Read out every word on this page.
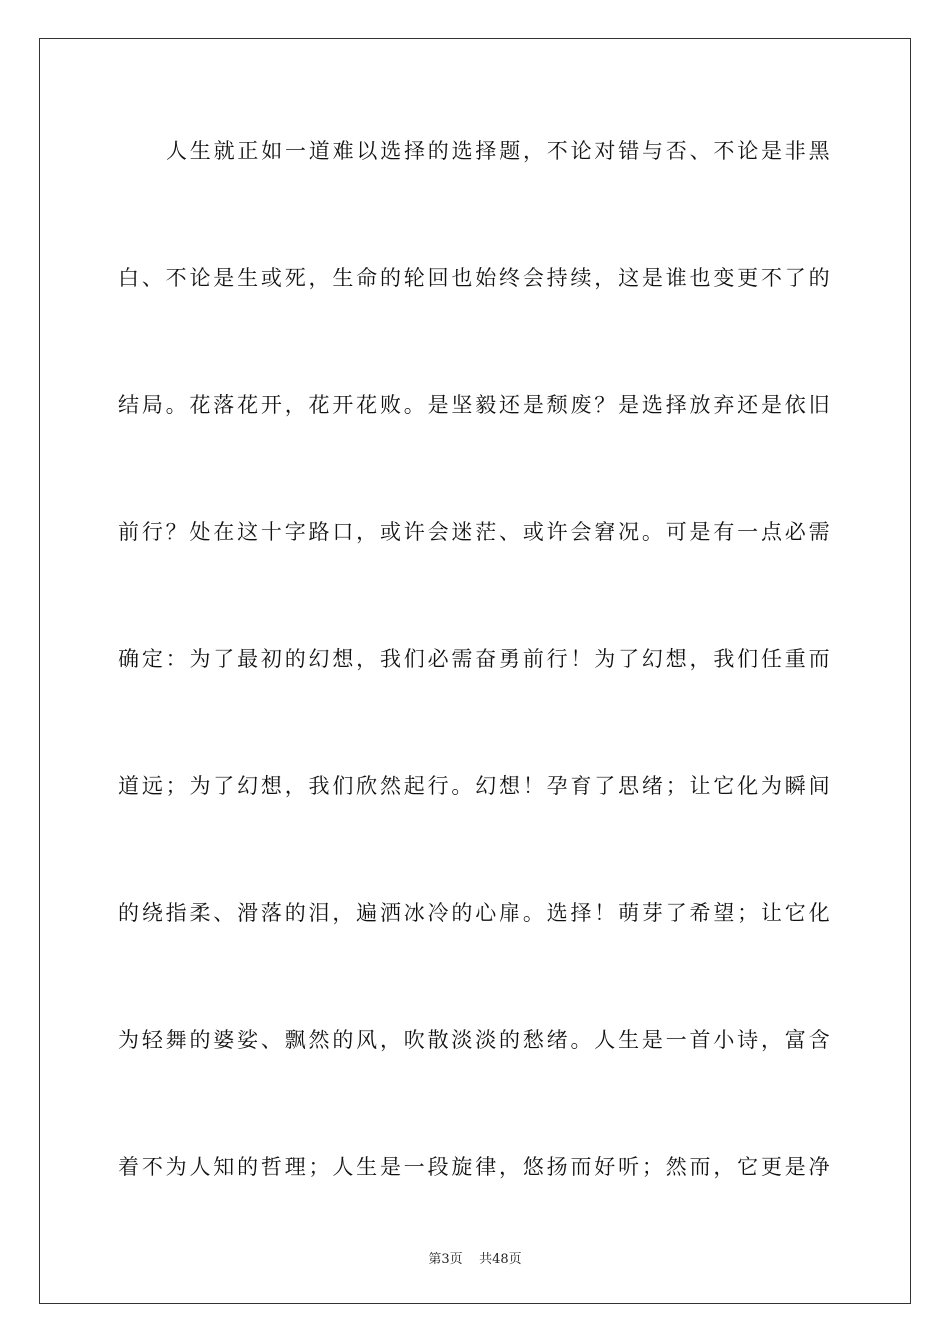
人生就正如一道难以选择的选择题，不论对错与否、不论是非黑
白、不论是生或死，生命的轮回也始终会持续，这是谁也变更不了的
结局。花落花开，花开花败。是坚毅还是颓废？是选择放弃还是依旧
前行？处在这十字路口，或许会迷茫、或许会窘况。可是有一点必需
确定：为了最初的幻想，我们必需奋勇前行！为了幻想，我们任重而
道远；为了幻想，我们欣然起行。幻想！孕育了思绪；让它化为瞬间
的绕指柔、滑落的泪，遍洒冰冷的心扉。选择！萌芽了希望；让它化
为轻舞的婆娑、飘然的风，吹散淡淡的愁绪。人生是一首小诗，富含
着不为人知的哲理；人生是一段旋律，悠扬而好听；然而，它更是净
第3页 共48页
